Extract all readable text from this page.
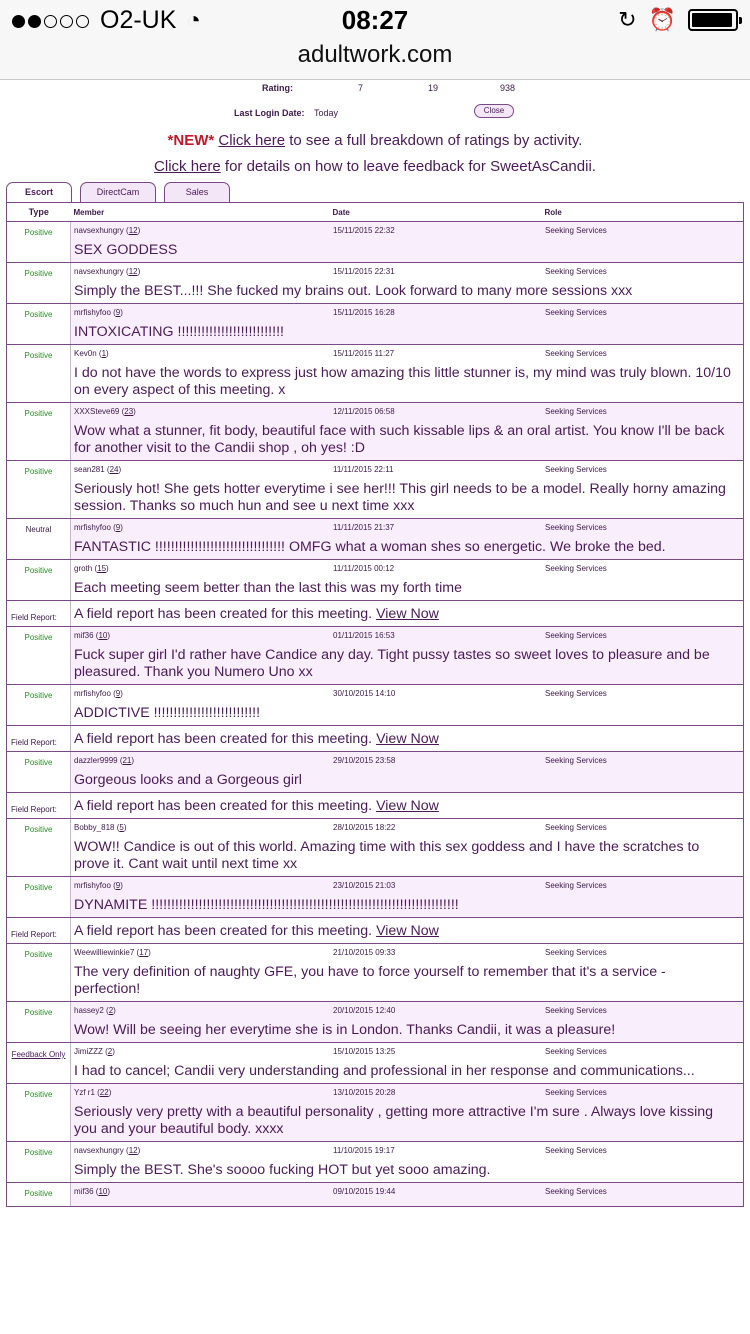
O2-UK ◔	08:27	↻ ⏰
adultwork.com
Rating:	7	19	938
Last Login Date: Today	Close
*NEW* Click here to see a full breakdown of ratings by activity.
Click here for details on how to leave feedback for SweetAsCandii.
Escort	DirectCam	Sales
Type	Member Date Role

Positive	navsexhungry (12) 15/11/2015 22:32 Seeking Services
SEX GODDESS

Positive	navsexhungry (12) 15/11/2015 22:31 Seeking Services
Simply the BEST...!!! She fucked my brains out. Look forward to many more sessions xxx

Positive	mrfishyfoo (9) 15/11/2015 16:28 Seeking Services
INTOXICATING !!!!!!!!!!!!!!!!!!!!!!!!!!!

Positive	Kev0n (1) 15/11/2015 11:27 Seeking Services
I do not have the words to express just how amazing this little stunner is, my mind was truly blown. 10/10 on every aspect of this meeting. x

Positive	XXXSteve69 (23) 12/11/2015 06:58 Seeking Services
Wow what a stunner, fit body, beautiful face with such kissable lips & an oral artist. You know I'll be back for another visit to the Candii shop , oh yes! :D

Positive	sean281 (24) 11/11/2015 22:11 Seeking Services
Seriously hot! She gets hotter everytime i see her!!! This girl needs to be a model. Really horny amazing session. Thanks so much hun and see u next time xxx

Neutral	mrfishyfoo (9) 11/11/2015 21:37 Seeking Services
FANTASTIC !!!!!!!!!!!!!!!!!!!!!!!!!!!!!!!!! OMFG what a woman shes so energetic. We broke the bed.

Positive	groth (15) 11/11/2015 00:12 Seeking Services
Each meeting seem better than the last this was my forth time

Field Report:	A field report has been created for this meeting. View Now

Positive	mif36 (10) 01/11/2015 16:53 Seeking Services
Fuck super girl I'd rather have Candice any day. Tight pussy tastes so sweet loves to pleasure and be pleasured. Thank you Numero Uno xx

Positive	mrfishyfoo (9) 30/10/2015 14:10 Seeking Services
ADDICTIVE !!!!!!!!!!!!!!!!!!!!!!!!!!!

Field Report:	A field report has been created for this meeting. View Now

Positive	dazzler9999 (21) 29/10/2015 23:58 Seeking Services
Gorgeous looks and a Gorgeous girl

Field Report:	A field report has been created for this meeting. View Now

Positive	Bobby_818 (5) 28/10/2015 18:22 Seeking Services
WOW!! Candice is out of this world. Amazing time with this sex goddess and I have the scratches to prove it. Cant wait until next time xx

Positive	mrfishyfoo (9) 23/10/2015 21:03 Seeking Services
DYNAMITE !!!!!!!!!!!!!!!!!!!!!!!!!!!!!!!!!!!!!!!!!!!!!!!!!!!!!!!!!!!!!!!!!!!!!!!!!!!!!!

Field Report:	A field report has been created for this meeting. View Now

Positive	Weewilliewinkie7 (17) 21/10/2015 09:33 Seeking Services
The very definition of naughty GFE, you have to force yourself to remember that it's a service - perfection!

Positive	hassey2 (2) 20/10/2015 12:40 Seeking Services
Wow! Will be seeing her everytime she is in London. Thanks Candii, it was a pleasure!

Feedback Only	JimiZZZ (2) 15/10/2015 13:25 Seeking Services
I had to cancel; Candii very understanding and professional in her response and communications...

Positive	Yzf r1 (22) 13/10/2015 20:28 Seeking Services
Seriously very pretty with a beautiful personality , getting more attractive I'm sure . Always love kissing you and your beautiful body. xxxx

Positive	navsexhungry (12) 11/10/2015 19:17 Seeking Services
Simply the BEST. She's soooo fucking HOT but yet sooo amazing.

Positive	mif36 (10) 09/10/2015 19:44 Seeking Services
